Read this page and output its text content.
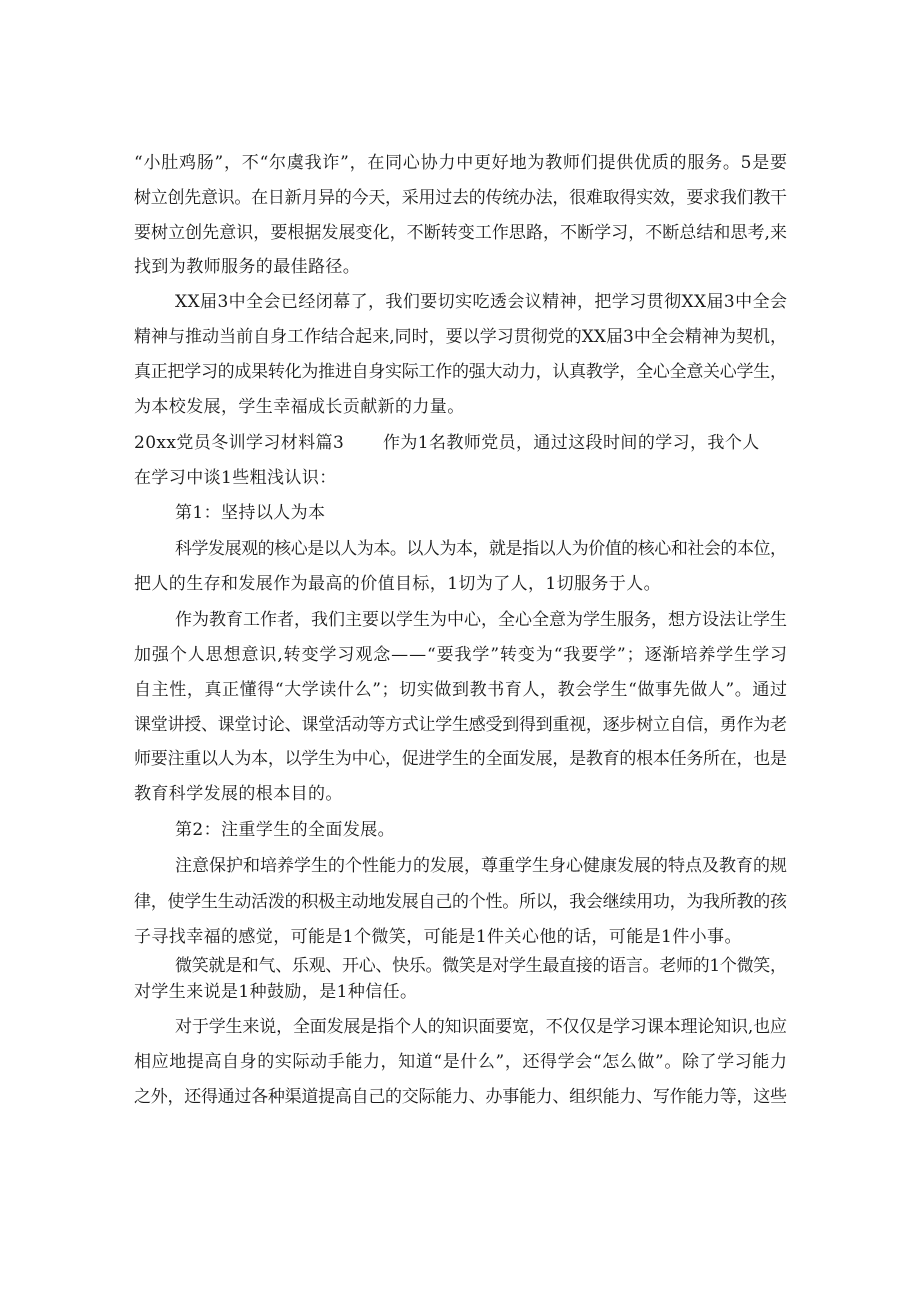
“小肚鸡肠”，不“尔虞我诈”，在同心协力中更好地为教师们提供优质的服务。5是要
树立创先意识。在日新月异的今天，采用过去的传统办法，很难取得实效，要求我们教干
要树立创先意识，要根据发展变化，不断转变工作思路，不断学习，不断总结和思考,来
找到为教师服务的最佳路径。
XX届3中全会已经闭幕了，我们要切实吃透会议精神，把学习贯彻XX届3中全会
精神与推动当前自身工作结合起来,同时，要以学习贯彻党的XX届3中全会精神为契机，
真正把学习的成果转化为推进自身实际工作的强大动力，认真教学，全心全意关心学生，
为本校发展，学生幸福成长贡献新的力量。
20xx党员冬训学习材料篇3 作为1名教师党员，通过这段时间的学习，我个人
在学习中谈1些粗浅认识：
第1：坚持以人为本
科学发展观的核心是以人为本。以人为本，就是指以人为价值的核心和社会的本位，
把人的生存和发展作为最高的价值目标，1切为了人，1切服务于人。
作为教育工作者，我们主要以学生为中心，全心全意为学生服务，想方设法让学生
加强个人思想意识,转变学习观念——“要我学”转变为“我要学”；逐渐培养学生学习
自主性，真正懂得“大学读什么”；切实做到教书育人，教会学生“做事先做人”。通过
课堂讲授、课堂讨论、课堂活动等方式让学生感受到得到重视，逐步树立自信，勇作为老
师要注重以人为本，以学生为中心，促进学生的全面发展，是教育的根本任务所在，也是
教育科学发展的根本目的。
第2：注重学生的全面发展。
注意保护和培养学生的个性能力的发展，尊重学生身心健康发展的特点及教育的规
律，使学生生动活泼的积极主动地发展自己的个性。所以，我会继续用功，为我所教的孩
子寻找幸福的感觉，可能是1个微笑，可能是1件关心他的话，可能是1件小事。
微笑就是和气、乐观、开心、快乐。微笑是对学生最直接的语言。老师的1个微笑，
对学生来说是1种鼓励，是1种信任。
对于学生来说，全面发展是指个人的知识面要宽，不仅仅是学习课本理论知识,也应
相应地提高自身的实际动手能力，知道“是什么”，还得学会“怎么做”。除了学习能力
之外，还得通过各种渠道提高自己的交际能力、办事能力、组织能力、写作能力等，这些
